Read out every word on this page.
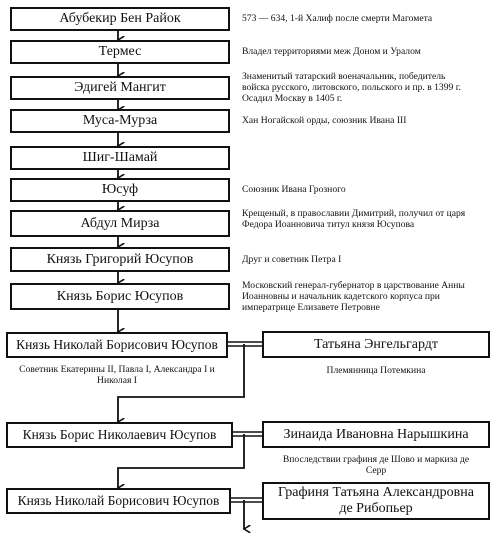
Абубекир Бен Райок	573 — 634, 1-й Халиф после смерти Магомета
Термес	Владел территориями меж Доном и Уралом
Эдигей Мангит
Знаменитый татарский военачальник, победитель войска русского, литовского, польского и пр. в 1399 г. Осадил Москву в 1405 г.
Муса-Мурза	Хан Ногайской орды, союзник Ивана III
Шиг-Шамай
Юсуф	Союзник Ивана Грозного
Абдул Мирза
Крещеный, в православии Димитрий, получил от царя Федора Иоанновича титул князя Юсупова
Князь Григорий Юсупов	Друг и советник Петра I
Князь Борис Юсупов
Московский генерал-губернатор в царствование Анны Иоанновны и начальник кадетского корпуса при императрице Елизавете Петровне
Князь Николай Борисович Юсупов
Советник Екатерины II, Павла I, Александра I и Николая I
Татьяна Энгельгардт
Племянница Потемкина
Князь Борис Николаевич Юсупов	Зинаида Ивановна Нарышкина
Впоследствии графиня де Шово и маркиза де Серр
Князь Николай Борисович Юсупов
Графиня Татьяна Александровна де Рибопьер
